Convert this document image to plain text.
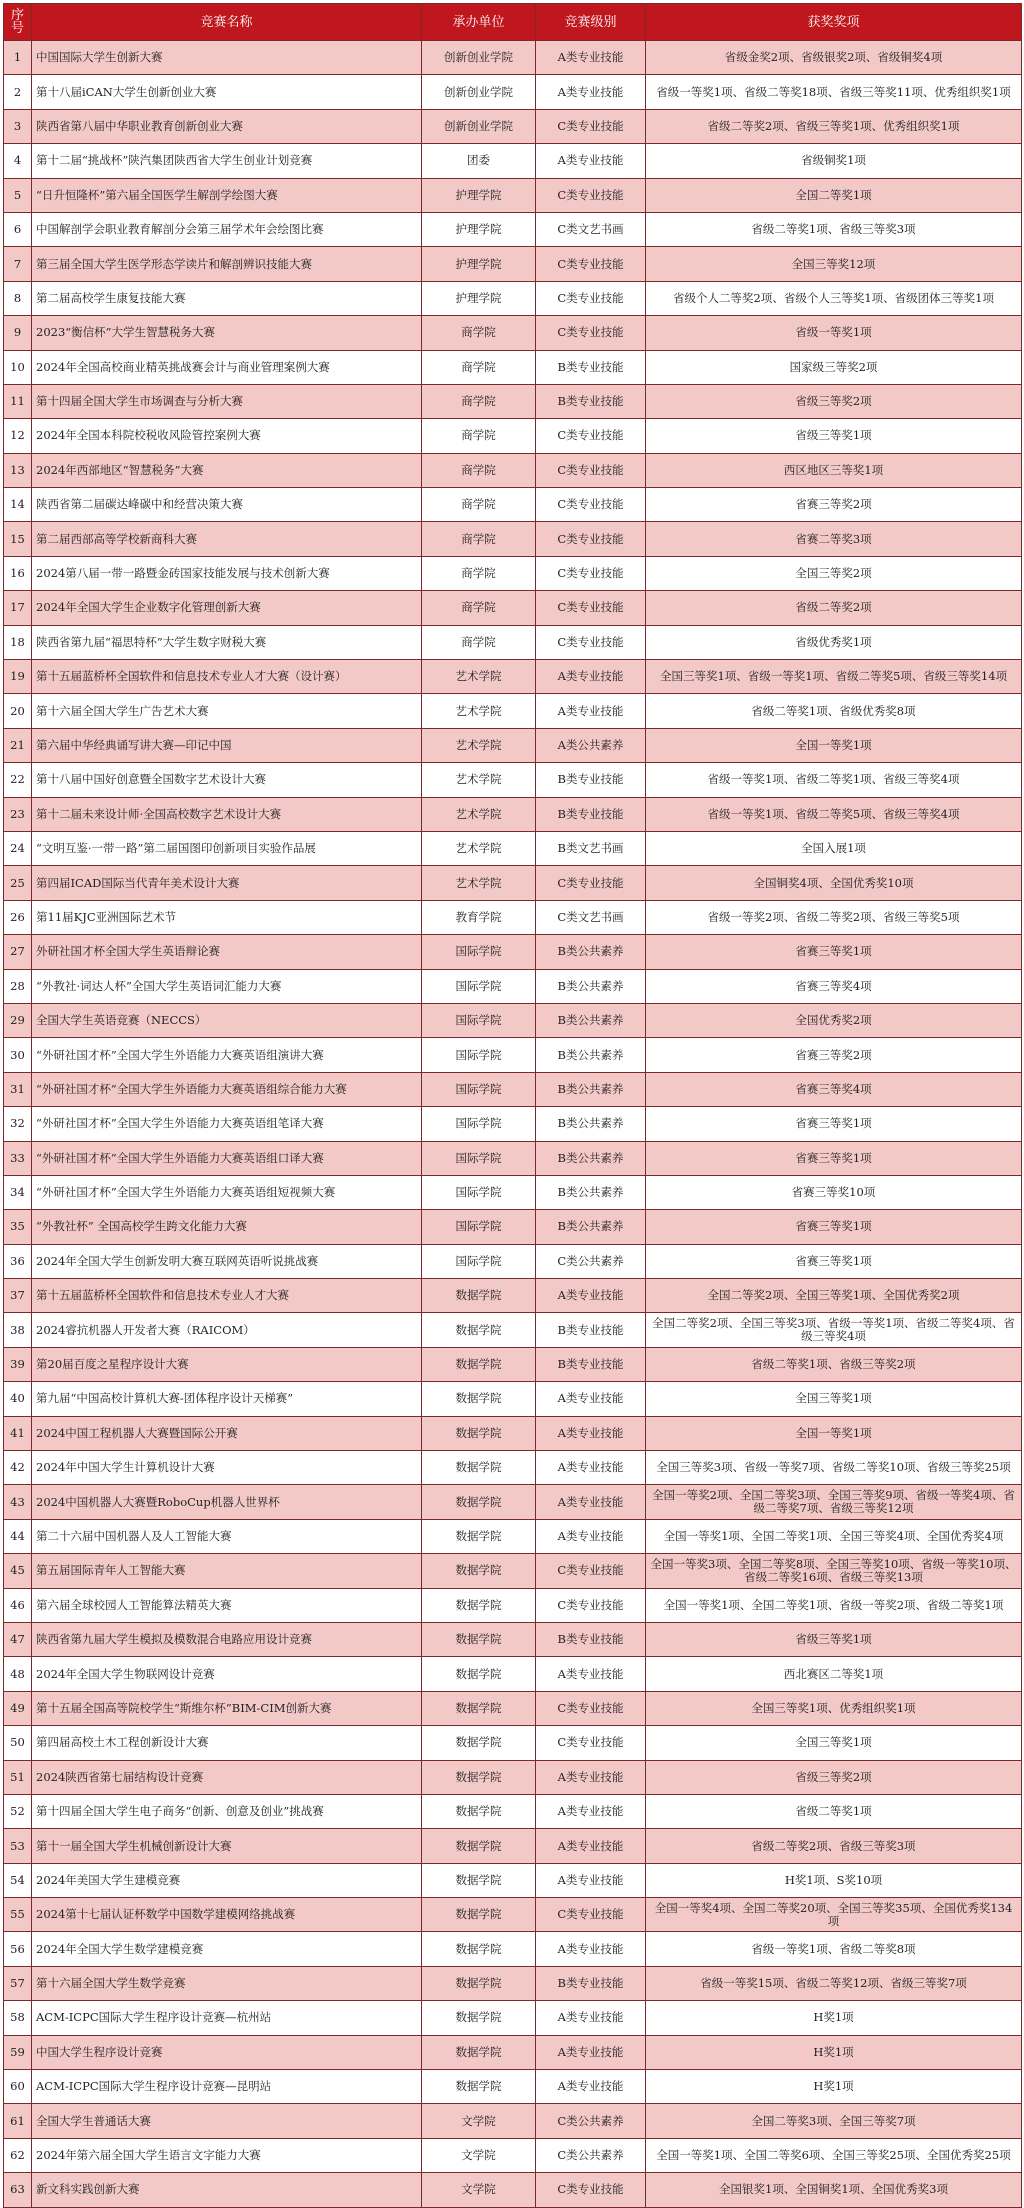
序号	竞赛名称	承办单位	竞赛级别	获奖奖项
1	中国国际大学生创新大赛	创新创业学院	A类专业技能	省级金奖2项、省级银奖2项、省级铜奖4项
2	第十八届iCAN大学生创新创业大赛	创新创业学院	A类专业技能	省级一等奖1项、省级二等奖18项、省级三等奖11项、优秀组织奖1项
3	陕西省第八届中华职业教育创新创业大赛	创新创业学院	C类专业技能	省级二等奖2项、省级三等奖1项、优秀组织奖1项
4	第十二届“挑战杯”陕汽集团陕西省大学生创业计划竞赛	团委	A类专业技能	省级铜奖1项
5	“日升恒隆杯”第六届全国医学生解剖学绘图大赛	护理学院	C类专业技能	全国二等奖1项
6	中国解剖学会职业教育解剖分会第三届学术年会绘图比赛	护理学院	C类文艺书画	省级二等奖1项、省级三等奖3项
7	第三届全国大学生医学形态学读片和解剖辨识技能大赛	护理学院	C类专业技能	全国三等奖12项
8	第二届高校学生康复技能大赛	护理学院	C类专业技能	省级个人二等奖2项、省级个人三等奖1项、省级团体三等奖1项
9	2023“衡信杯”大学生智慧税务大赛	商学院	C类专业技能	省级一等奖1项
10	2024年全国高校商业精英挑战赛会计与商业管理案例大赛	商学院	B类专业技能	国家级三等奖2项
11	第十四届全国大学生市场调查与分析大赛	商学院	B类专业技能	省级三等奖2项
12	2024年全国本科院校税收风险管控案例大赛	商学院	C类专业技能	省级三等奖1项
13	2024年西部地区“智慧税务”大赛	商学院	C类专业技能	西区地区三等奖1项
14	陕西省第二届碳达峰碳中和经营决策大赛	商学院	C类专业技能	省赛三等奖2项
15	第二届西部高等学校新商科大赛	商学院	C类专业技能	省赛二等奖3项
16	2024第八届一带一路暨金砖国家技能发展与技术创新大赛	商学院	C类专业技能	全国三等奖2项
17	2024年全国大学生企业数字化管理创新大赛	商学院	C类专业技能	省级二等奖2项
18	陕西省第九届“福思特杯”大学生数字财税大赛	商学院	C类专业技能	省级优秀奖1项
19	第十五届蓝桥杯全国软件和信息技术专业人才大赛（设计赛）	艺术学院	A类专业技能	全国三等奖1项、省级一等奖1项、省级二等奖5项、省级三等奖14项
20	第十六届全国大学生广告艺术大赛	艺术学院	A类专业技能	省级二等奖1项、省级优秀奖8项
21	第六届中华经典诵写讲大赛—印记中国	艺术学院	A类公共素养	全国一等奖1项
22	第十八届中国好创意暨全国数字艺术设计大赛	艺术学院	B类专业技能	省级一等奖1项、省级二等奖1项、省级三等奖4项
23	第十二届未来设计师·全国高校数字艺术设计大赛	艺术学院	B类专业技能	省级一等奖1项、省级二等奖5项、省级三等奖4项
24	“文明互鉴·一带一路”第二届国图印创新项目实验作品展	艺术学院	B类文艺书画	全国入展1项
25	第四届ICAD国际当代青年美术设计大赛	艺术学院	C类专业技能	全国铜奖4项、全国优秀奖10项
26	第11届KJC亚洲国际艺术节	教育学院	C类文艺书画	省级一等奖2项、省级二等奖2项、省级三等奖5项
27	外研社国才杯全国大学生英语辩论赛	国际学院	B类公共素养	省赛三等奖1项
28	“外教社·词达人杯”全国大学生英语词汇能力大赛	国际学院	B类公共素养	省赛三等奖4项
29	全国大学生英语竞赛（NECCS）	国际学院	B类公共素养	全国优秀奖2项
30	“外研社国才杯”全国大学生外语能力大赛英语组演讲大赛	国际学院	B类公共素养	省赛三等奖2项
31	“外研社国才杯”全国大学生外语能力大赛英语组综合能力大赛	国际学院	B类公共素养	省赛三等奖4项
32	“外研社国才杯”全国大学生外语能力大赛英语组笔译大赛	国际学院	B类公共素养	省赛三等奖1项
33	“外研社国才杯”全国大学生外语能力大赛英语组口译大赛	国际学院	B类公共素养	省赛三等奖1项
34	“外研社国才杯”全国大学生外语能力大赛英语组短视频大赛	国际学院	B类公共素养	省赛三等奖10项
35	“外教社杯” 全国高校学生跨文化能力大赛	国际学院	B类公共素养	省赛三等奖1项
36	2024年全国大学生创新发明大赛互联网英语听说挑战赛	国际学院	C类公共素养	省赛三等奖1项
37	第十五届蓝桥杯全国软件和信息技术专业人才大赛	数据学院	A类专业技能	全国二等奖2项、全国三等奖1项、全国优秀奖2项
38	2024睿抗机器人开发者大赛（RAICOM）	数据学院	B类专业技能	全国二等奖2项、全国三等奖3项、省级一等奖1项、省级二等奖4项、省级三等奖4项
39	第20届百度之星程序设计大赛	数据学院	B类专业技能	省级二等奖1项、省级三等奖2项
40	第九届“中国高校计算机大赛-团体程序设计天梯赛”	数据学院	A类专业技能	全国三等奖1项
41	2024中国工程机器人大赛暨国际公开赛	数据学院	A类专业技能	全国一等奖1项
42	2024年中国大学生计算机设计大赛	数据学院	A类专业技能	全国三等奖3项、省级一等奖7项、省级二等奖10项、省级三等奖25项
43	2024中国机器人大赛暨RoboCup机器人世界杯	数据学院	A类专业技能	全国一等奖2项、全国二等奖3项、全国三等奖9项、省级一等奖4项、省级二等奖7项、省级三等奖12项
44	第二十六届中国机器人及人工智能大赛	数据学院	A类专业技能	全国一等奖1项、全国二等奖1项、全国三等奖4项、全国优秀奖4项
45	第五届国际青年人工智能大赛	数据学院	C类专业技能	全国一等奖3项、全国二等奖8项、全国三等奖10项、省级一等奖10项、省级二等奖16项、省级三等奖13项
46	第六届全球校园人工智能算法精英大赛	数据学院	C类专业技能	全国一等奖1项、全国二等奖1项、省级一等奖2项、省级二等奖1项
47	陕西省第九届大学生模拟及模数混合电路应用设计竞赛	数据学院	B类专业技能	省级三等奖1项
48	2024年全国大学生物联网设计竞赛	数据学院	A类专业技能	西北赛区二等奖1项
49	第十五届全国高等院校学生“斯维尔杯”BIM-CIM创新大赛	数据学院	C类专业技能	全国三等奖1项、优秀组织奖1项
50	第四届高校土木工程创新设计大赛	数据学院	C类专业技能	全国三等奖1项
51	2024陕西省第七届结构设计竞赛	数据学院	A类专业技能	省级三等奖2项
52	第十四届全国大学生电子商务“创新、创意及创业”挑战赛	数据学院	A类专业技能	省级二等奖1项
53	第十一届全国大学生机械创新设计大赛	数据学院	A类专业技能	省级二等奖2项、省级三等奖3项
54	2024年美国大学生建模竞赛	数据学院	A类专业技能	H奖1项、S奖10项
55	2024第十七届认证杯数学中国数学建模网络挑战赛	数据学院	C类专业技能	全国一等奖4项、全国二等奖20项、全国三等奖35项、全国优秀奖134项
56	2024年全国大学生数学建模竞赛	数据学院	A类专业技能	省级一等奖1项、省级二等奖8项
57	第十六届全国大学生数学竞赛	数据学院	B类专业技能	省级一等奖15项、省级二等奖12项、省级三等奖7项
58	ACM-ICPC国际大学生程序设计竞赛—杭州站	数据学院	A类专业技能	H奖1项
59	中国大学生程序设计竞赛	数据学院	A类专业技能	H奖1项
60	ACM-ICPC国际大学生程序设计竞赛—昆明站	数据学院	A类专业技能	H奖1项
61	全国大学生普通话大赛	文学院	C类公共素养	全国二等奖3项、全国三等奖7项
62	2024年第六届全国大学生语言文字能力大赛	文学院	C类公共素养	全国一等奖1项、全国二等奖6项、全国三等奖25项、全国优秀奖25项
63	新文科实践创新大赛	文学院	C类专业技能	全国银奖1项、全国铜奖1项、全国优秀奖3项
